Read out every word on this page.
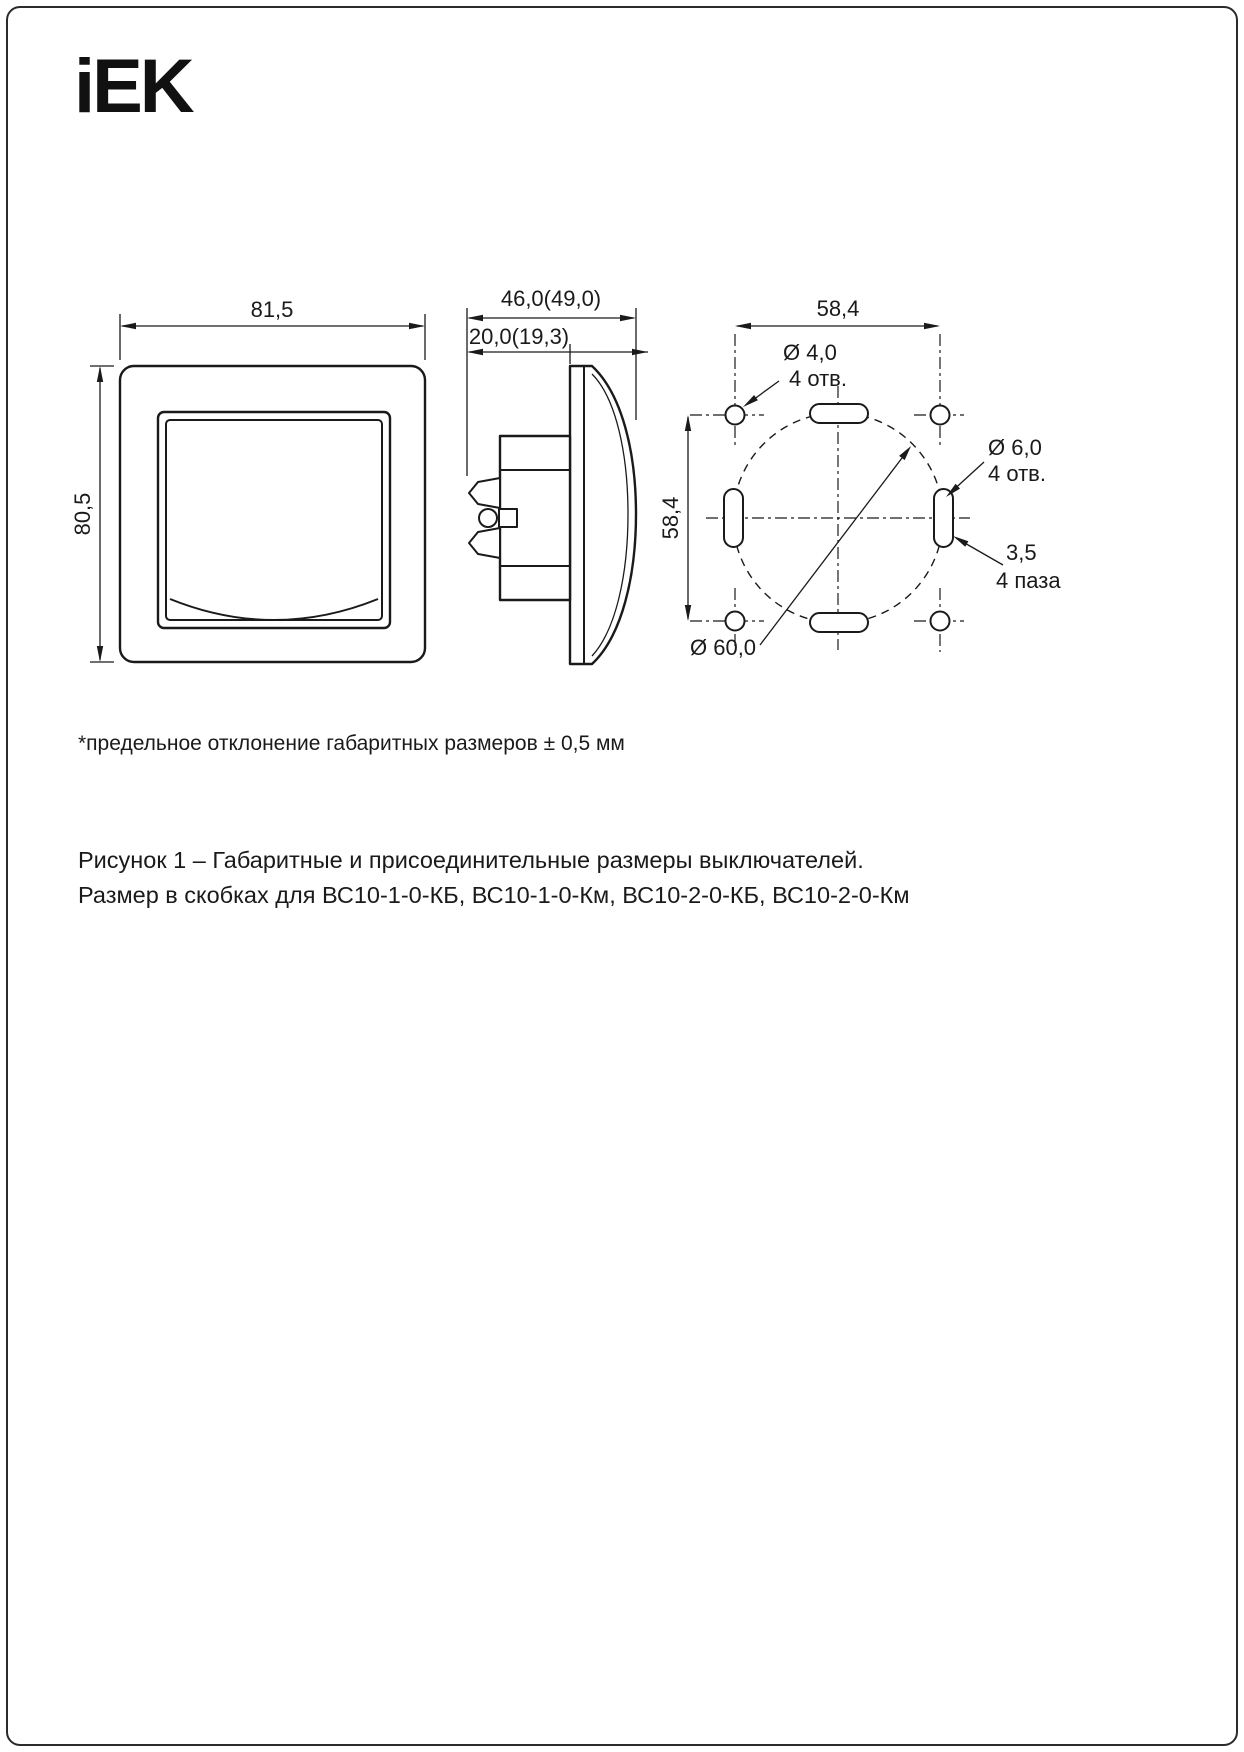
iEK
81,5
80,5
46,0(49,0)
20,0(19,3)
58,4
58,4
Ø 4,0
4 отв.
Ø 6,0
4 отв.
3,5
4 паза
Ø 60,0
*предельное отклонение габаритных размеров ± 0,5 мм
Рисунок 1 – Габаритные и присоединительные размеры выключателей.
Размер в скобках для ВС10-1-0-КБ, ВС10-1-0-Км, ВС10-2-0-КБ, ВС10-2-0-Км
